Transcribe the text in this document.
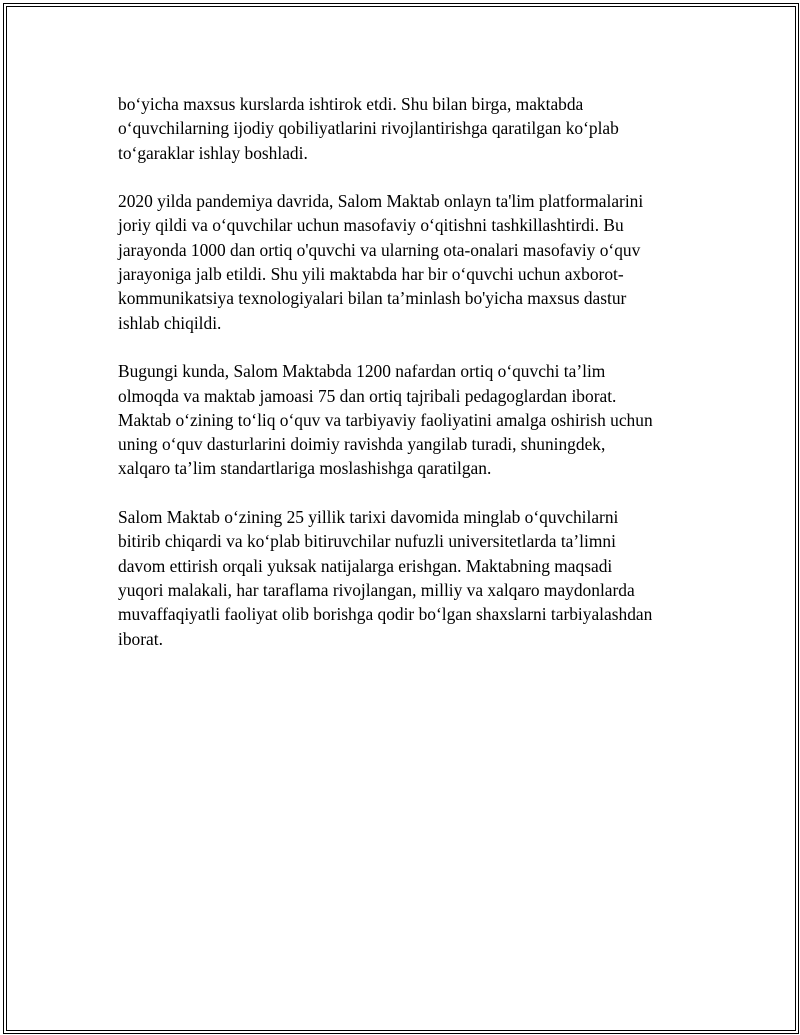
bo‘yicha maxsus kurslarda ishtirok etdi. Shu bilan birga, maktabda
o‘quvchilarning ijodiy qobiliyatlarini rivojlantirishga qaratilgan ko‘plab
to‘garaklar ishlay boshladi.

2020 yilda pandemiya davrida, Salom Maktab onlayn ta'lim platformalarini
joriy qildi va o‘quvchilar uchun masofaviy o‘qitishni tashkillashtirdi. Bu
jarayonda 1000 dan ortiq o'quvchi va ularning ota-onalari masofaviy o‘quv
jarayoniga jalb etildi. Shu yili maktabda har bir o‘quvchi uchun axborot-
kommunikatsiya texnologiyalari bilan ta’minlash bo'yicha maxsus dastur
ishlab chiqildi.

Bugungi kunda, Salom Maktabda 1200 nafardan ortiq o‘quvchi ta’lim
olmoqda va maktab jamoasi 75 dan ortiq tajribali pedagoglardan iborat.
Maktab o‘zining to‘liq o‘quv va tarbiyaviy faoliyatini amalga oshirish uchun
uning o‘quv dasturlarini doimiy ravishda yangilab turadi, shuningdek,
xalqaro ta’lim standartlariga moslashishga qaratilgan.

Salom Maktab o‘zining 25 yillik tarixi davomida minglab o‘quvchilarni
bitirib chiqardi va ko‘plab bitiruvchilar nufuzli universitetlarda ta’limni
davom ettirish orqali yuksak natijalarga erishgan. Maktabning maqsadi
yuqori malakali, har taraflama rivojlangan, milliy va xalqaro maydonlarda
muvaffaqiyatli faoliyat olib borishga qodir bo‘lgan shaxslarni tarbiyalashdan
iborat.
